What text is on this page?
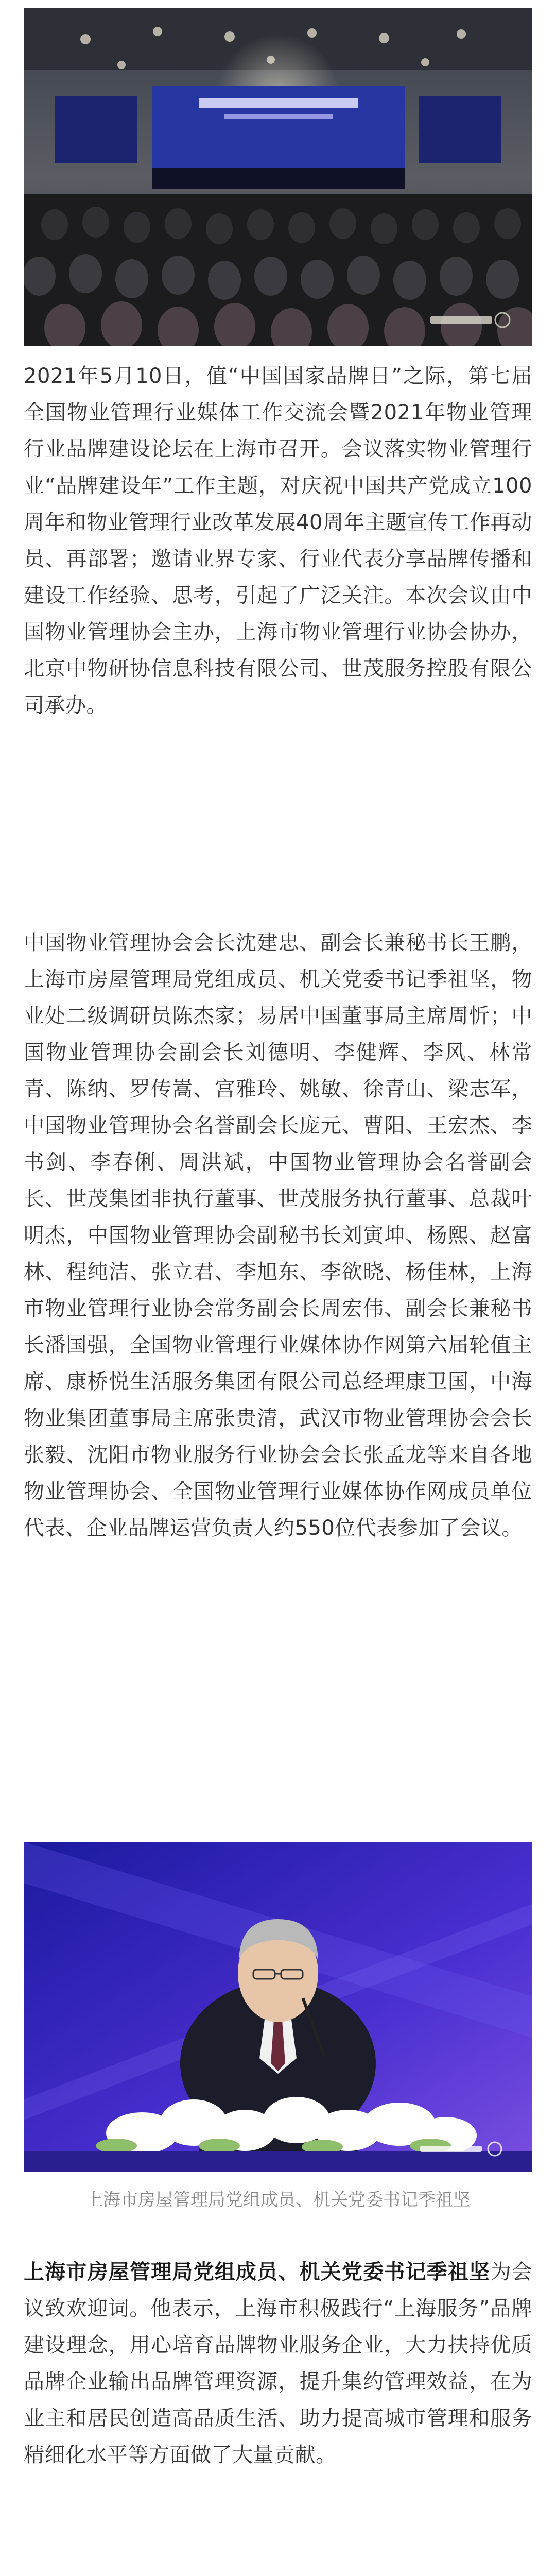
2021年5月10日，值“中国国家品牌日”之际，第七届全国物业管理行业媒体工作交流会暨2021年物业管理行业品牌建设论坛在上海市召开。会议落实物业管理行业“品牌建设年”工作主题，对庆祝中国共产党成立100周年和物业管理行业改革发展40周年主题宣传工作再动员、再部署；邀请业界专家、行业代表分享品牌传播和建设工作经验、思考，引起了广泛关注。本次会议由中国物业管理协会主办，上海市物业管理行业协会协办，北京中物研协信息科技有限公司、世茂服务控股有限公司承办。

中国物业管理协会会长沈建忠、副会长兼秘书长王鹏，上海市房屋管理局党组成员、机关党委书记季祖坚，物业处二级调研员陈杰家；易居中国董事局主席周忻；中国物业管理协会副会长刘德明、李健辉、李风、林常青、陈纳、罗传嵩、宫雅玲、姚敏、徐青山、梁志军，中国物业管理协会名誉副会长庞元、曹阳、王宏杰、李书剑、李春俐、周洪斌，中国物业管理协会名誉副会长、世茂集团非执行董事、世茂服务执行董事、总裁叶明杰，中国物业管理协会副秘书长刘寅坤、杨熙、赵富林、程纯洁、张立君、李旭东、李欲晓、杨佳林，上海市物业管理行业协会常务副会长周宏伟、副会长兼秘书长潘国强，全国物业管理行业媒体协作网第六届轮值主席、康桥悦生活服务集团有限公司总经理康卫国，中海物业集团董事局主席张贵清，武汉市物业管理协会会长张毅、沈阳市物业服务行业协会会长张孟龙等来自各地物业管理协会、全国物业管理行业媒体协作网成员单位代表、企业品牌运营负责人约550位代表参加了会议。

上海市房屋管理局党组成员、机关党委书记季祖坚

上海市房屋管理局党组成员、机关党委书记季祖坚为会议致欢迎词。他表示，上海市积极践行“上海服务”品牌建设理念，用心培育品牌物业服务企业，大力扶持优质品牌企业输出品牌管理资源，提升集约管理效益，在为业主和居民创造高品质生活、助力提高城市管理和服务精细化水平等方面做了大量贡献。
